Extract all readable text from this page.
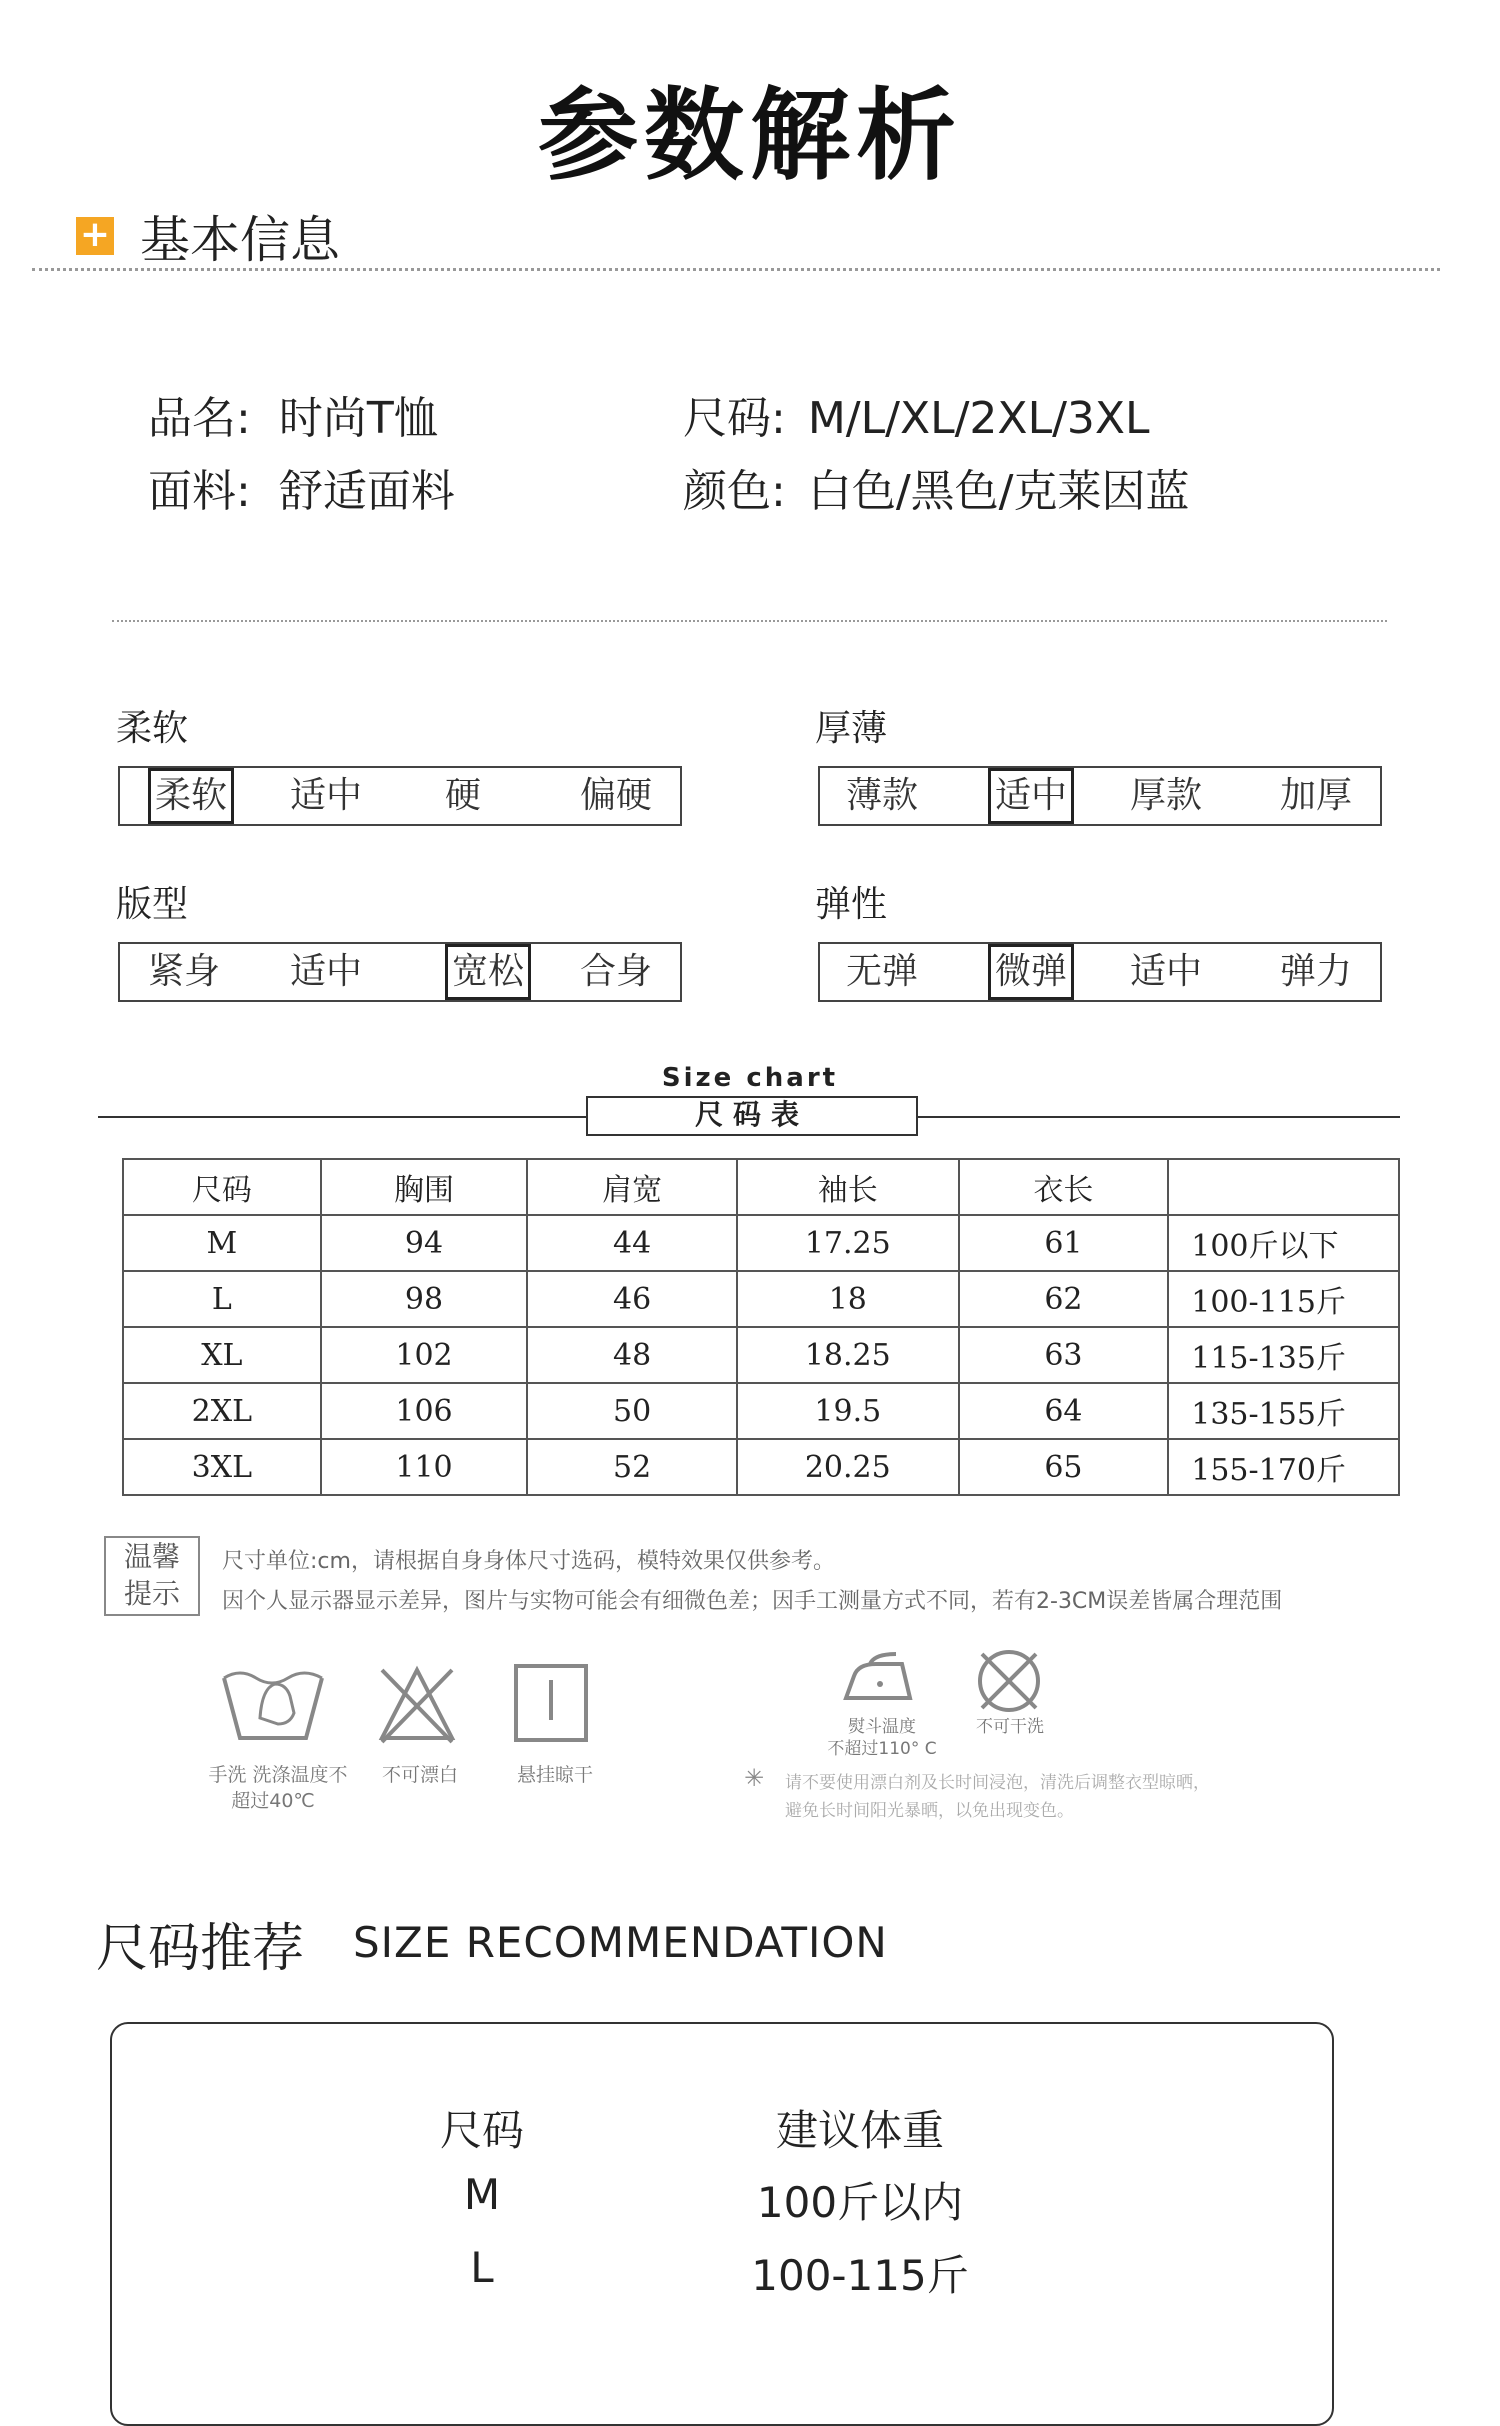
参数解析
+ 基本信息
品名: 时尚T恤
面料: 舒适面料
尺码: M/L/XL/2XL/3XL
颜色: 白色/黑色/克莱因蓝
柔软
柔软 适中 硬	偏硬
厚薄
薄款 适中 厚款 加厚
版型
紧身 适中 宽松 合身
弹性
无弹 微弹 适中 弹力
Size chart
尺码表
尺码	胸围	肩宽	袖长	衣长	
M	94	44	17.25	61	100斤以下
L	98	46	18	62	100-115斤
XL	102	48	18.25	63	115-135斤
2XL	106	50	19.5	64	135-155斤
3XL	110	52	20.25	65	155-170斤
温馨
提示
尺寸单位:cm，请根据自身身体尺寸选码，模特效果仅供参考。
因个人显示器显示差异，图片与实物可能会有细微色差；因手工测量方式不同，若有2-3CM误差皆属合理范围
手洗 洗涤温度不
超过40℃
不可漂白	悬挂晾干
熨斗温度
不超过110° C
不可干洗
✳ 请不要使用漂白剂及长时间浸泡，清洗后调整衣型晾晒，
避免长时间阳光暴晒，以免出现变色。
尺码推荐 SIZE RECOMMENDATION
尺码	建议体重
M	100斤以内
L	100-115斤
